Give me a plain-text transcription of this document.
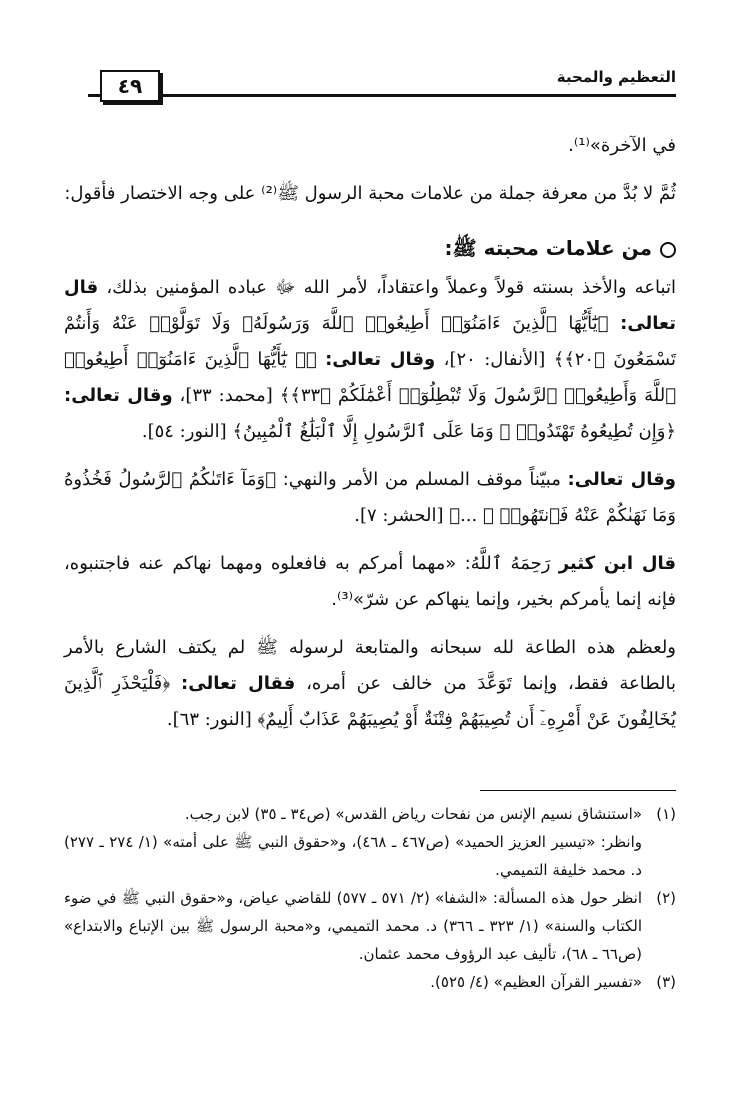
٤٩	التعظيم والمحبة

في الآخرة»⁽¹⁾.

ثُمَّ لا بُدَّ من معرفة جملة من علامات محبة الرسول ﷺ⁽²⁾ على وجه الاختصار فأقول:

من علامات محبته ﷺ:

اتباعه والأخذ بسنته قولاً وعملاً واعتقاداً، لأمر الله ﷻ عباده المؤمنين بذلك، قال تعالى: ﴿يَٰٓأَيُّهَا ٱلَّذِينَ ءَامَنُوٓا۟ أَطِيعُوا۟ ٱللَّهَ وَرَسُولَهُۥ وَلَا تَوَلَّوْا۟ عَنْهُ وَأَنتُمْ تَسْمَعُونَ ﴿٢٠﴾﴾ [الأنفال: ٢٠]، وقال تعالى: ﴿۞ يَٰٓأَيُّهَا ٱلَّذِينَ ءَامَنُوٓا۟ أَطِيعُوا۟ ٱللَّهَ وَأَطِيعُوا۟ ٱلرَّسُولَ وَلَا تُبْطِلُوٓا۟ أَعْمَٰلَكُمْ ﴿٣٣﴾﴾ [محمد: ٣٣]، وقال تعالى: ﴿وَإِن تُطِيعُوهُ تَهْتَدُوا۟ ۚ وَمَا عَلَى ٱلرَّسُولِ إِلَّا ٱلْبَلَٰغُ ٱلْمُبِينُ﴾ [النور: ٥٤].

وقال تعالى: مبيّناً موقف المسلم من الأمر والنهي: ﴿وَمَآ ءَاتَىٰكُمُ ٱلرَّسُولُ فَخُذُوهُ وَمَا نَهَىٰكُمْ عَنْهُ فَٱنتَهُوا۟ ۚ ...﴾ [الحشر: ٧].

قال ابن كثير رَحِمَهُ ٱللَّهُ: «مهما أمركم به فافعلوه ومهما نهاكم عنه فاجتنبوه، فإنه إنما يأمركم بخير، وإنما ينهاكم عن شرّ»⁽³⁾.

ولعظم هذه الطاعة لله سبحانه والمتابعة لرسوله ﷺ لم يكتف الشارع بالأمر بالطاعة فقط، وإنما تَوَعَّدَ من خالف عن أمره، فقال تعالى: ﴿فَلْيَحْذَرِ ٱلَّذِينَ يُخَالِفُونَ عَنْ أَمْرِهِۦٓ أَن تُصِيبَهُمْ فِتْنَةٌ أَوْ يُصِيبَهُمْ عَذَابٌ أَلِيمٌ﴾ [النور: ٦٣].

(١)
«استنشاق نسيم الإنس من نفحات رياض القدس» (ص٣٤ ـ ٣٥) لابن رجب.

وانظر: «تيسير العزيز الحميد» (ص٤٦٧ ـ ٤٦٨)، و«حقوق النبي ﷺ على أمته» (١/ ٢٧٤ ـ ٢٧٧) د. محمد خليفة التميمي.

(٢)
انظر حول هذه المسألة: «الشفا» (٢/ ٥٧١ ـ ٥٧٧) للقاضي عياض، و«حقوق النبي ﷺ في ضوء الكتاب والسنة» (١/ ٣٢٣ ـ ٣٦٦) د. محمد التميمي، و«محبة الرسول ﷺ بين الإتباع والابتداع» (ص٦٦ ـ ٦٨)، تأليف عبد الرؤوف محمد عثمان.

(٣)
«تفسير القرآن العظيم» (٤/ ٥٢٥).
